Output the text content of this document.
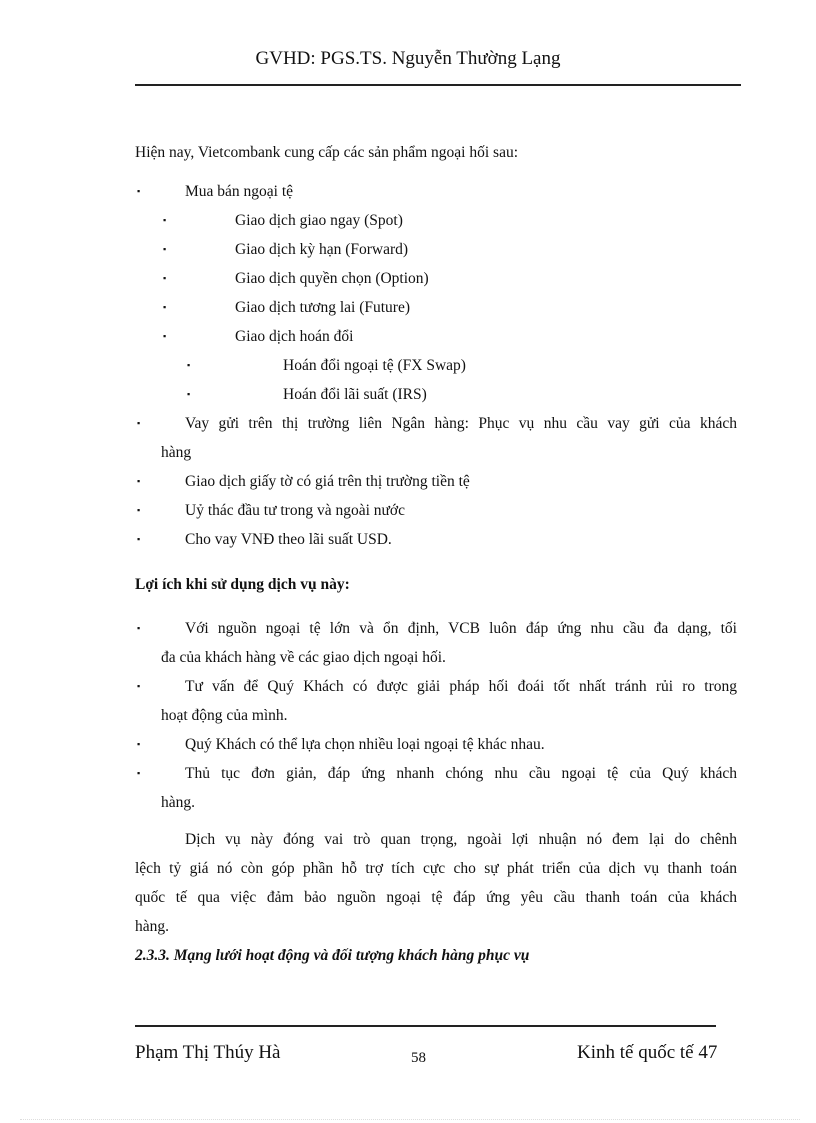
GVHD: PGS.TS. Nguyễn Thường Lạng
Hiện nay, Vietcombank cung cấp các sản phẩm ngoại hối sau:
▪	Mua bán ngoại tệ
▪	Giao dịch giao ngay (Spot)
▪	Giao dịch kỳ hạn (Forward)
▪	Giao dịch quyền chọn (Option)
▪	Giao dịch tương lai (Future)
▪	Giao dịch hoán đổi
▪	Hoán đổi ngoại tệ (FX Swap)
▪	Hoán đổi lãi suất (IRS)
▪	Vay gửi trên thị trường liên Ngân hàng: Phục vụ nhu cầu vay gửi của khách
hàng
▪	Giao dịch giấy tờ có giá trên thị trường tiền tệ
▪	Uỷ thác đầu tư trong và ngoài nước
▪	Cho vay VNĐ theo lãi suất USD.
Lợi ích khi sử dụng dịch vụ này:
▪	Với nguồn ngoại tệ lớn và ổn định, VCB luôn đáp ứng nhu cầu đa dạng, tối
đa của khách hàng về các giao dịch ngoại hối.
▪	Tư vấn để Quý Khách có được giải pháp hối đoái tốt nhất tránh rủi ro trong
hoạt động của mình.
▪	Quý Khách có thể lựa chọn nhiều loại ngoại tệ khác nhau.
▪	Thủ tục đơn giản, đáp ứng nhanh chóng nhu cầu ngoại tệ của Quý khách
hàng.
Dịch vụ này đóng vai trò quan trọng, ngoài lợi nhuận nó đem lại do chênh
lệch tỷ giá nó còn góp phần hỗ trợ tích cực cho sự phát triển của dịch vụ thanh toán
quốc tế qua việc đảm bảo nguồn ngoại tệ đáp ứng yêu cầu thanh toán của khách
hàng.
2.3.3. Mạng lưới hoạt động và đối tượng khách hàng phục vụ
Phạm Thị Thúy Hà	58	Kinh tế quốc tế 47
